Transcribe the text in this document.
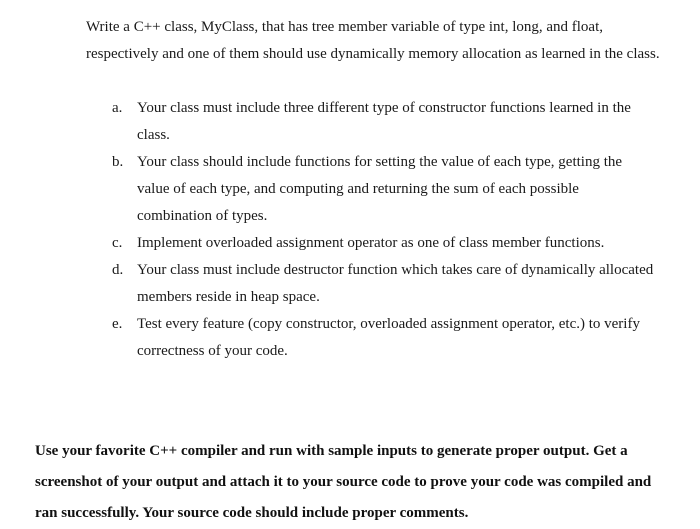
Write a C++ class, MyClass, that has tree member variable of type int, long, and float, respectively and one of them should use dynamically memory allocation as learned in the class.

a. Your class must include three different type of constructor functions learned in the class.
b. Your class should include functions for setting the value of each type, getting the value of each type, and computing and returning the sum of each possible combination of types.
c. Implement overloaded assignment operator as one of class member functions.
d. Your class must include destructor function which takes care of dynamically allocated members reside in heap space.
e. Test every feature (copy constructor, overloaded assignment operator, etc.) to verify correctness of your code.

Use your favorite C++ compiler and run with sample inputs to generate proper output. Get a screenshot of your output and attach it to your source code to prove your code was compiled and ran successfully. Your source code should include proper comments.
